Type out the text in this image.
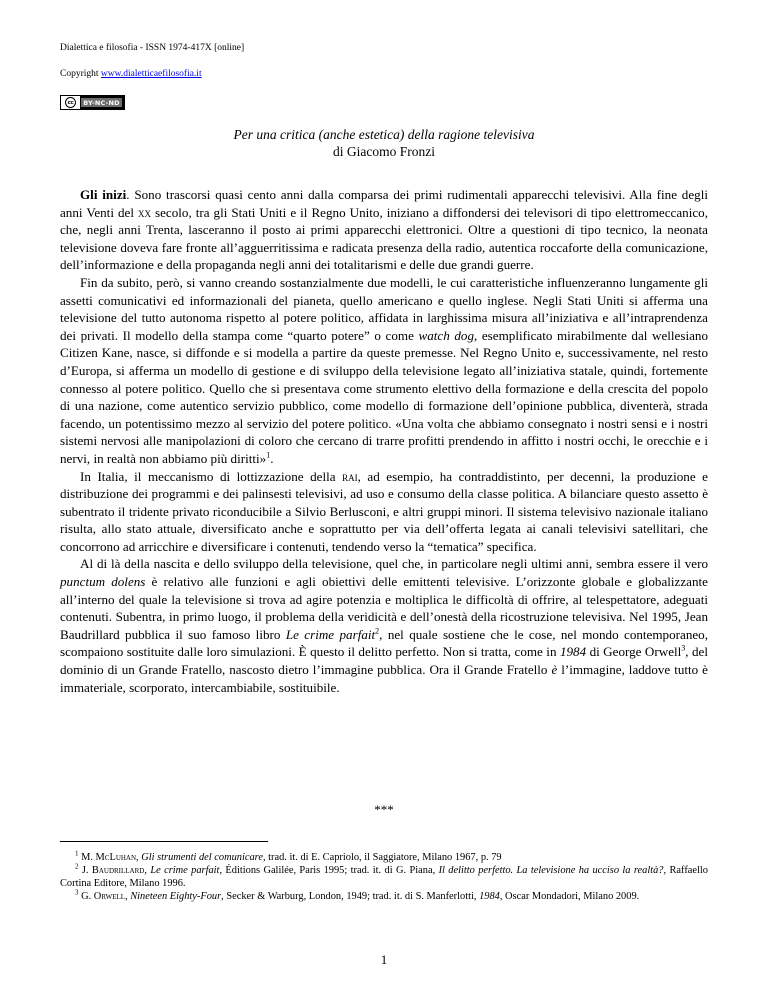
Dialettica e filosofia - ISSN 1974-417X [online]
Copyright www.dialetticaefilosofia.it
cc	BY-NC-ND
Per una critica (anche estetica) della ragione televisiva
di Giacomo Fronzi

Gli inizi. Sono trascorsi quasi cento anni dalla comparsa dei primi rudimentali apparecchi televisivi. Alla fine degli anni Venti del xx secolo, tra gli Stati Uniti e il Regno Unito, iniziano a diffondersi dei televisori di tipo elettromeccanico, che, negli anni Trenta, lasceranno il posto ai primi apparecchi elettronici. Oltre a questioni di tipo tecnico, la neonata televisione doveva fare fronte all’agguerritissima e radicata presenza della radio, autentica roccaforte della comunicazione, dell’informazione e della propaganda negli anni dei totalitarismi e delle due grandi guerre.

Fin da subito, però, si vanno creando sostanzialmente due modelli, le cui caratteristiche influenzeranno lungamente gli assetti comunicativi ed informazionali del pianeta, quello americano e quello inglese. Negli Stati Uniti si afferma una televisione del tutto autonoma rispetto al potere politico, affidata in larghissima misura all’iniziativa e all’intraprendenza dei privati. Il modello della stampa come “quarto potere” o come watch dog, esemplificato mirabilmente dal wellesiano Citizen Kane, nasce, si diffonde e si modella a partire da queste premesse. Nel Regno Unito e, successivamente, nel resto d’Europa, si afferma un modello di gestione e di sviluppo della televisione legato all’iniziativa statale, quindi, fortemente connesso al potere politico. Quello che si presentava come strumento elettivo della formazione e della crescita del popolo di una nazione, come autentico servizio pubblico, come modello di formazione dell’opinione pubblica, diventerà, strada facendo, un potentissimo mezzo al servizio del potere politico. «Una volta che abbiamo consegnato i nostri sensi e i nostri sistemi nervosi alle manipolazioni di coloro che cercano di trarre profitti prendendo in affitto i nostri occhi, le orecchie e i nervi, in realtà non abbiamo più diritti»$^1$.

In Italia, il meccanismo di lottizzazione della rai, ad esempio, ha contraddistinto, per decenni, la produzione e distribuzione dei programmi e dei palinsesti televisivi, ad uso e consumo della classe politica. A bilanciare questo assetto è subentrato il tridente privato riconducibile a Silvio Berlusconi, e altri gruppi minori. Il sistema televisivo nazionale italiano risulta, allo stato attuale, diversificato anche e soprattutto per via dell’offerta legata ai canali televisivi satellitari, che concorrono ad arricchire e diversificare i contenuti, tendendo verso la “tematica” specifica.

Al di là della nascita e dello sviluppo della televisione, quel che, in particolare negli ultimi anni, sembra essere il vero punctum dolens è relativo alle funzioni e agli obiettivi delle emittenti televisive. L’orizzonte globale e globalizzante all’interno del quale la televisione si trova ad agire potenzia e moltiplica le difficoltà di offrire, al telespettatore, adeguati contenuti. Subentra, in primo luogo, il problema della veridicità e dell’onestà della ricostruzione televisiva. Nel 1995, Jean Baudrillard pubblica il suo famoso libro Le crime parfait$^2$, nel quale sostiene che le cose, nel mondo contemporaneo, scompaiono sostituite dalle loro simulazioni. È questo il delitto perfetto. Non si tratta, come in 1984 di George Orwell$^3$, del dominio di un Grande Fratello, nascosto dietro l’immagine pubblica. Ora il Grande Fratello è l’immagine, laddove tutto è immateriale, scorporato, intercambiabile, sostituibile.

***

$^1$ M. McLuhan, Gli strumenti del comunicare, trad. it. di E. Capriolo, il Saggiatore, Milano 1967, p. 79

$^2$ J. Baudrillard, Le crime parfait, Éditions Galilée, Paris 1995; trad. it. di G. Piana, Il delitto perfetto. La televisione ha ucciso la realtà?, Raffaello Cortina Editore, Milano 1996.

$^3$ G. Orwell, Nineteen Eighty-Four, Secker & Warburg, London, 1949; trad. it. di S. Manferlotti, 1984, Oscar Mondadori, Milano 2009.

1
